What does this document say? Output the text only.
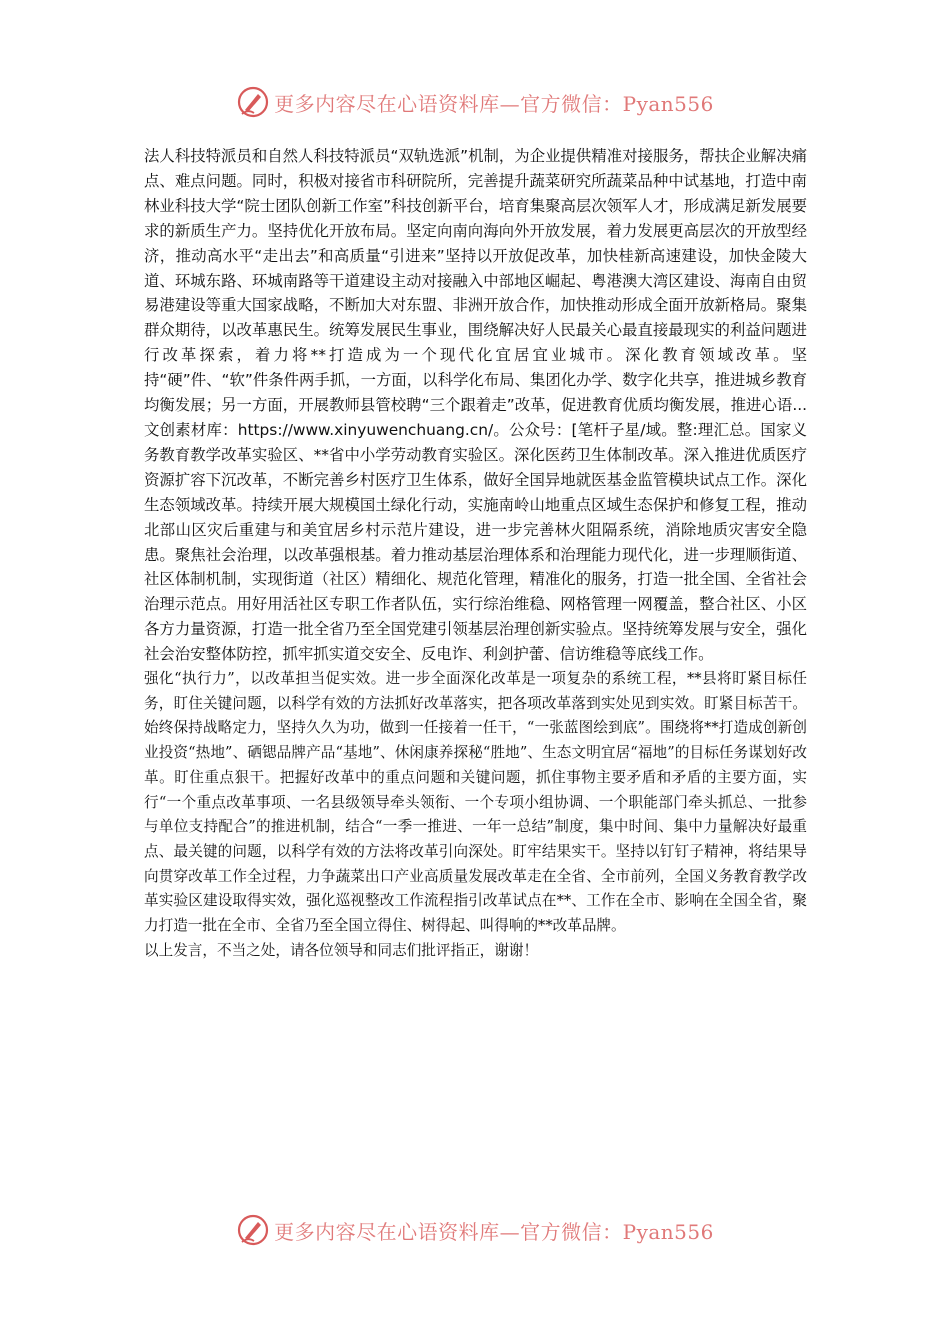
更多内容尽在心语资料库—官方微信：Pyan556

法人科技特派员和自然人科技特派员“双轨选派”机制，为企业提供精准对接服务，帮扶企业解决痛点、难点问题。同时，积极对接省市科研院所，完善提升蔬菜研究所蔬菜品种中试基地，打造中南林业科技大学“院士团队创新工作室”科技创新平台，培育集聚高层次领军人才，形成满足新发展要求的新质生产力。坚持优化开放布局。坚定向南向海向外开放发展，着力发展更高层次的开放型经济，推动高水平“走出去”和高质量“引进来”坚持以开放促改革，加快桂新高速建设，加快金陵大道、环城东路、环城南路等干道建设主动对接融入中部地区崛起、粤港澳大湾区建设、海南自由贸易港建设等重大国家战略，不断加大对东盟、非洲开放合作，加快推动形成全面开放新格局。聚集群众期待，以改革惠民生。统筹发展民生事业，围绕解决好人民最关心最直接最现实的利益问题进行改革探索，着力将**打造成为一个现代化宜居宜业城市。深化教育领域改革。坚持“硬”件、“软”件条件两手抓，一方面，以科学化布局、集团化办学、数字化共享，推进城乡教育均衡发展；另一方面，开展教师县管校聘“三个跟着走”改革，促进教育优质均衡发展，推进心语...文创素材库：https://www.xinyuwenchuang.cn/。公众号：[笔杆子星/域。整:理汇总。国家义务教育教学改革实验区、**省中小学劳动教育实验区。深化医药卫生体制改革。深入推进优质医疗资源扩容下沉改革，不断完善乡村医疗卫生体系，做好全国异地就医基金监管模块试点工作。深化生态领域改革。持续开展大规模国土绿化行动，实施南岭山地重点区域生态保护和修复工程，推动北部山区灾后重建与和美宜居乡村示范片建设，进一步完善林火阻隔系统，消除地质灾害安全隐患。聚焦社会治理，以改革强根基。着力推动基层治理体系和治理能力现代化，进一步理顺街道、社区体制机制，实现街道（社区）精细化、规范化管理，精准化的服务，打造一批全国、全省社会治理示范点。用好用活社区专职工作者队伍，实行综治维稳、网格管理一网覆盖，整合社区、小区各方力量资源，打造一批全省乃至全国党建引领基层治理创新实验点。坚持统筹发展与安全，强化社会治安整体防控，抓牢抓实道交安全、反电诈、利剑护蕾、信访维稳等底线工作。

强化“执行力”，以改革担当促实效。进一步全面深化改革是一项复杂的系统工程，**县将盯紧目标任务，盯住关键问题，以科学有效的方法抓好改革落实，把各项改革落到实处见到实效。盯紧目标苦干。始终保持战略定力，坚持久久为功，做到一任接着一任干，“一张蓝图绘到底”。围绕将**打造成创新创业投资“热地”、硒锶品牌产品“基地”、休闲康养探秘“胜地”、生态文明宜居“福地”的目标任务谋划好改革。盯住重点狠干。把握好改革中的重点问题和关键问题，抓住事物主要矛盾和矛盾的主要方面，实行“一个重点改革事项、一名县级领导牵头领衔、一个专项小组协调、一个职能部门牵头抓总、一批参与单位支持配合”的推进机制，结合“一季一推进、一年一总结”制度，集中时间、集中力量解决好最重点、最关键的问题，以科学有效的方法将改革引向深处。盯牢结果实干。坚持以钉钉子精神，将结果导向贯穿改革工作全过程，力争蔬菜出口产业高质量发展改革走在全省、全市前列，全国义务教育教学改革实验区建设取得实效，强化巡视整改工作流程指引改革试点在**、工作在全市、影响在全国全省，聚力打造一批在全市、全省乃至全国立得住、树得起、叫得响的**改革品牌。

以上发言，不当之处，请各位领导和同志们批评指正，谢谢！

更多内容尽在心语资料库—官方微信：Pyan556
